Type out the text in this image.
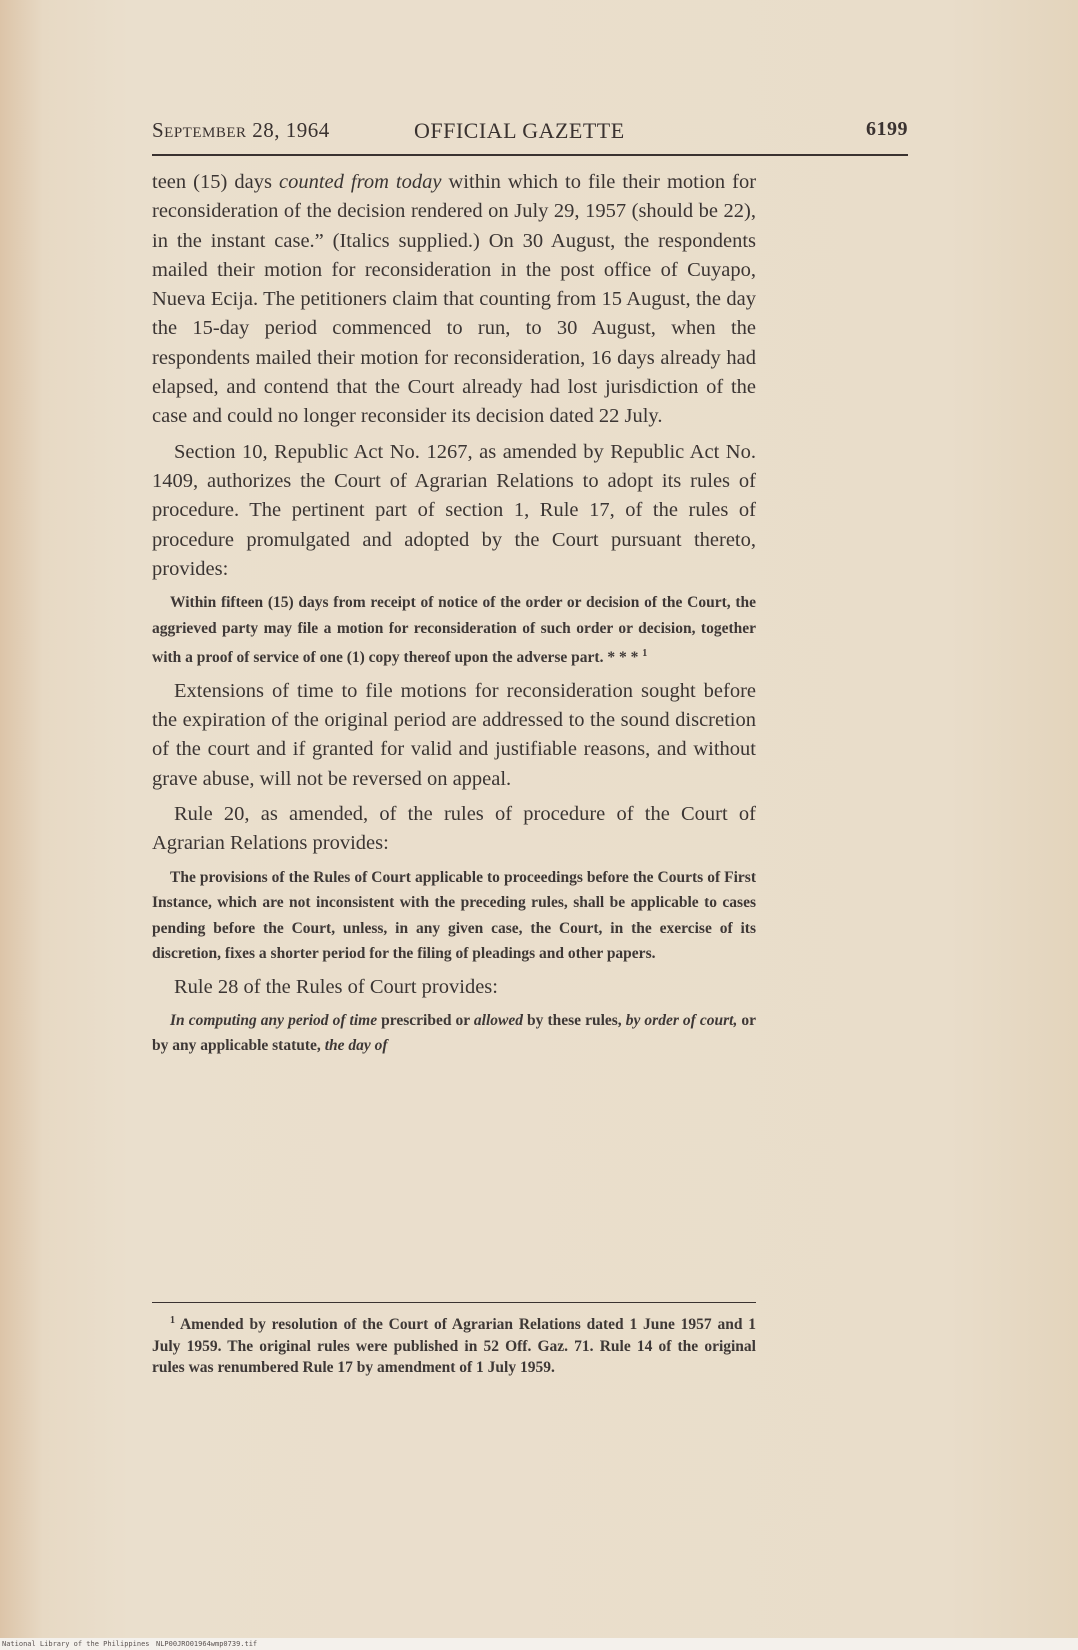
September 28, 1964	OFFICIAL GAZETTE	6199

teen (15) days counted from today within which to file their motion for reconsideration of the decision rendered on July 29, 1957 (should be 22), in the instant case.” (Italics supplied.) On 30 August, the respondents mailed their motion for reconsideration in the post office of Cuyapo, Nueva Ecija. The petitioners claim that counting from 15 August, the day the 15-day period commenced to run, to 30 August, when the respondents mailed their motion for reconsideration, 16 days already had elapsed, and contend that the Court already had lost jurisdiction of the case and could no longer reconsider its decision dated 22 July.

Section 10, Republic Act No. 1267, as amended by Republic Act No. 1409, authorizes the Court of Agrarian Relations to adopt its rules of procedure. The pertinent part of section 1, Rule 17, of the rules of procedure promulgated and adopted by the Court pursuant thereto, provides:

Within fifteen (15) days from receipt of notice of the order or decision of the Court, the aggrieved party may file a motion for reconsideration of such order or decision, together with a proof of service of one (1) copy thereof upon the adverse part. * * * $^1$

Extensions of time to file motions for reconsideration sought before the expiration of the original period are addressed to the sound discretion of the court and if granted for valid and justifiable reasons, and without grave abuse, will not be reversed on appeal.

Rule 20, as amended, of the rules of procedure of the Court of Agrarian Relations provides:

The provisions of the Rules of Court applicable to proceedings before the Courts of First Instance, which are not inconsistent with the preceding rules, shall be applicable to cases pending before the Court, unless, in any given case, the Court, in the exercise of its discretion, fixes a shorter period for the filing of pleadings and other papers.

Rule 28 of the Rules of Court provides:

In computing any period of time prescribed or allowed by these rules, by order of court, or by any applicable statute, the day of

$^1$ Amended by resolution of the Court of Agrarian Relations dated 1 June 1957 and 1 July 1959. The original rules were published in 52 Off. Gaz. 71. Rule 14 of the original rules was renumbered Rule 17 by amendment of 1 July 1959.
National Library of the Philippines NLP00JRO01964wmp0739.tif
